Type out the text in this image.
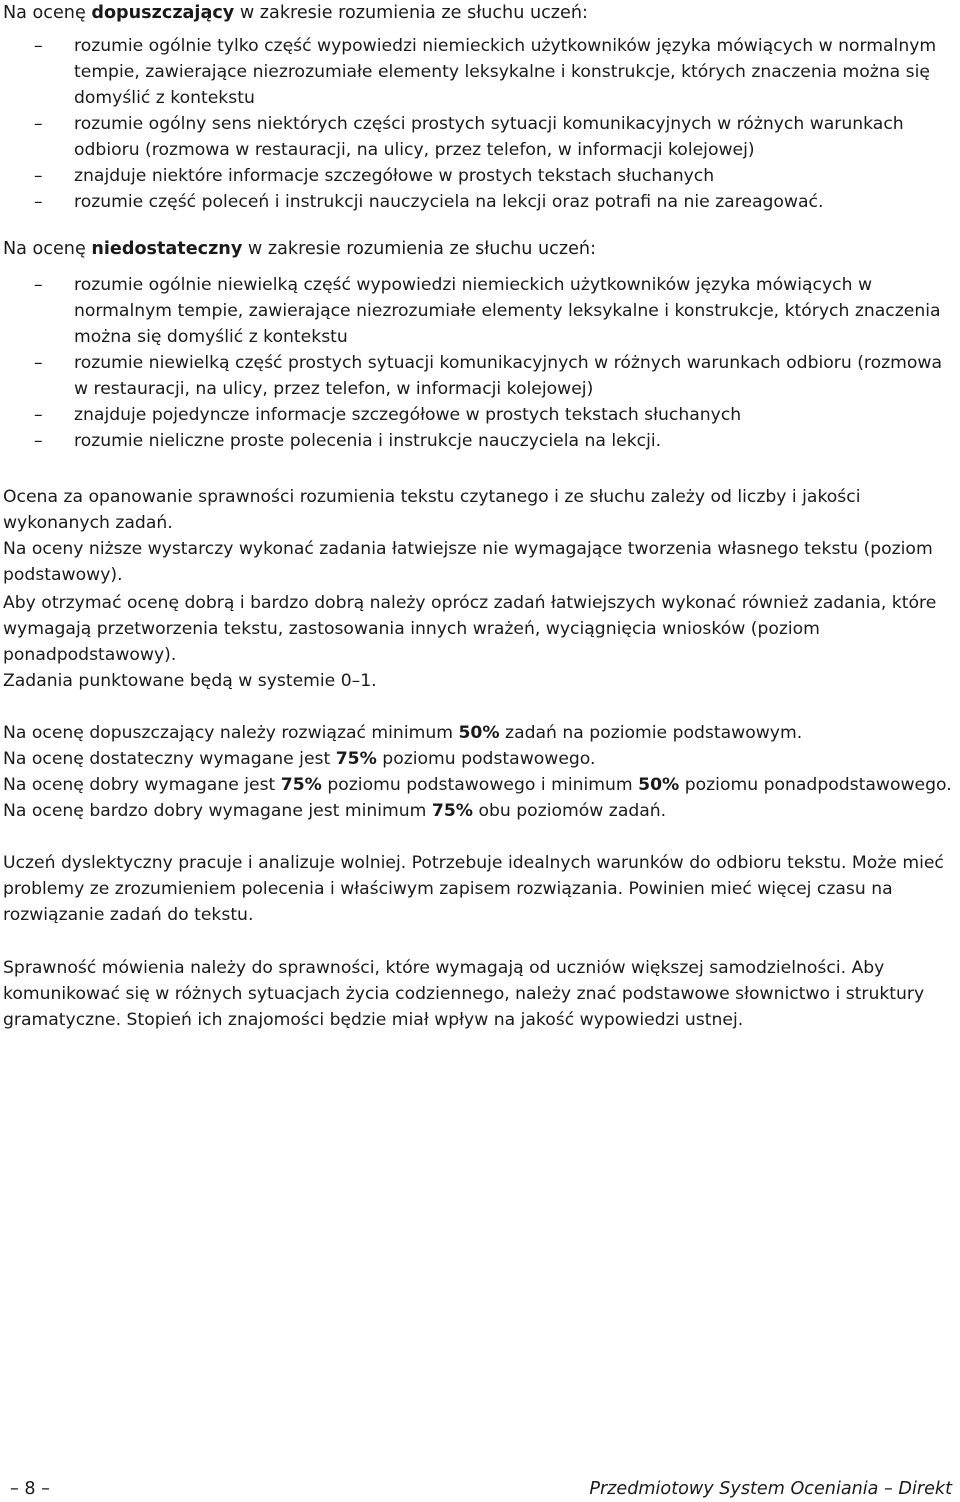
Na ocenę dopuszczający w zakresie rozumienia ze słuchu uczeń:

– rozumie ogólnie tylko część wypowiedzi niemieckich użytkowników języka mówiących w normalnym tempie, zawierające niezrozumiałe elementy leksykalne i konstrukcje, których znaczenia można się domyślić z kontekstu
– rozumie ogólny sens niektórych części prostych sytuacji komunikacyjnych w różnych warunkach odbioru (rozmowa w restauracji, na ulicy, przez telefon, w informacji kolejowej)
– znajduje niektóre informacje szczegółowe w prostych tekstach słuchanych
– rozumie część poleceń i instrukcji nauczyciela na lekcji oraz potrafi na nie zareagować.

Na ocenę niedostateczny w zakresie rozumienia ze słuchu uczeń:

– rozumie ogólnie niewielką część wypowiedzi niemieckich użytkowników języka mówiących w normalnym tempie, zawierające niezrozumiałe elementy leksykalne i konstrukcje, których znaczenia można się domyślić z kontekstu
– rozumie niewielką część prostych sytuacji komunikacyjnych w różnych warunkach odbioru (rozmowa w restauracji, na ulicy, przez telefon, w informacji kolejowej)
– znajduje pojedyncze informacje szczegółowe w prostych tekstach słuchanych
– rozumie nieliczne proste polecenia i instrukcje nauczyciela na lekcji.

Ocena za opanowanie sprawności rozumienia tekstu czytanego i ze słuchu zależy od liczby i jakości wykonanych zadań.

Na oceny niższe wystarczy wykonać zadania łatwiejsze nie wymagające tworzenia własnego tekstu (poziom podstawowy).

Aby otrzymać ocenę dobrą i bardzo dobrą należy oprócz zadań łatwiejszych wykonać również zadania, które wymagają przetworzenia tekstu, zastosowania innych wrażeń, wyciągnięcia wniosków (poziom ponadpodstawowy).

Zadania punktowane będą w systemie 0–1.

Na ocenę dopuszczający należy rozwiązać minimum 50% zadań na poziomie podstawowym.

Na ocenę dostateczny wymagane jest 75% poziomu podstawowego.

Na ocenę dobry wymagane jest 75% poziomu podstawowego i minimum 50% poziomu ponadpodstawowego.

Na ocenę bardzo dobry wymagane jest minimum 75% obu poziomów zadań.

Uczeń dyslektyczny pracuje i analizuje wolniej. Potrzebuje idealnych warunków do odbioru tekstu. Może mieć problemy ze zrozumieniem polecenia i właściwym zapisem rozwiązania. Powinien mieć więcej czasu na rozwiązanie zadań do tekstu.

Sprawność mówienia należy do sprawności, które wymagają od uczniów większej samodzielności. Aby komunikować się w różnych sytuacjach życia codziennego, należy znać podstawowe słownictwo i struktury gramatyczne. Stopień ich znajomości będzie miał wpływ na jakość wypowiedzi ustnej.

– 8 –	Przedmiotowy System Oceniania – Direkt
